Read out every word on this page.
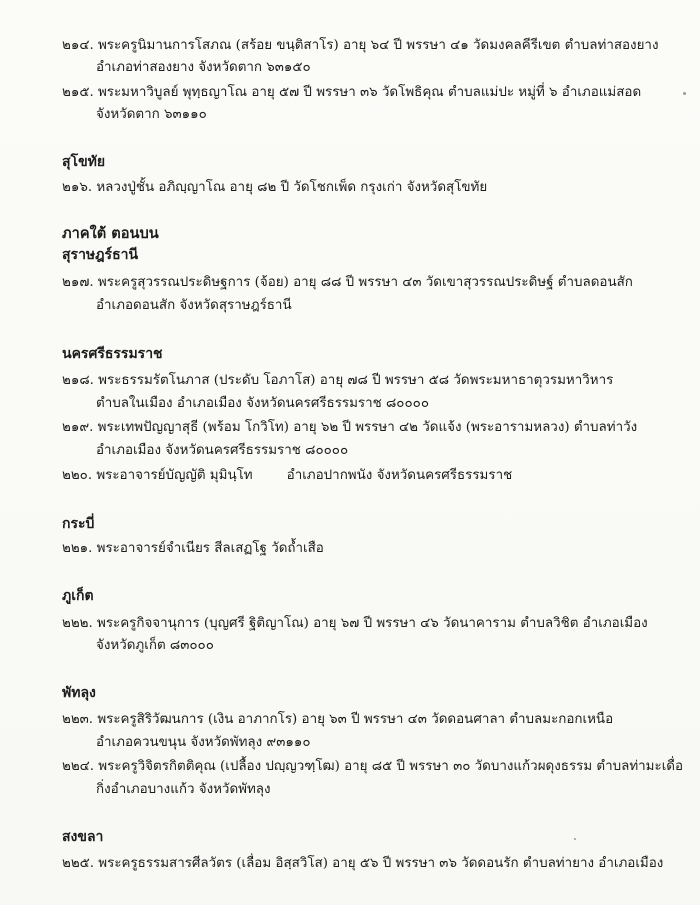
๒๑๔. พระครูนิมานการโสภณ (สร้อย ขนฺติสาโร) อายุ ๖๔ ปี พรรษา ๔๑ วัดมงคลคีรีเขต ตำบลท่าสองยาง
อำเภอท่าสองยาง จังหวัดตาก ๖๓๑๕๐
๒๑๕. พระมหาวิบูลย์ พุทฺธญาโณ อายุ ๕๗ ปี พรรษา ๓๖ วัดโพธิคุณ ตำบลแม่ปะ หมู่ที่ ๖ อำเภอแม่สอด
จังหวัดตาก ๖๓๑๑๐
สุโขทัย
๒๑๖. หลวงปู่ชั้น อภิญฺญาโณ อายุ ๘๒ ปี วัดโชกเพ็ด กรุงเก่า จังหวัดสุโขทัย
ภาคใต้ ตอนบน
สุราษฎร์ธานี
๒๑๗. พระครูสุวรรณประดิษฐการ (จ้อย) อายุ ๘๘ ปี พรรษา ๔๓ วัดเขาสุวรรณประดิษฐ์ ตำบลดอนสัก
อำเภอดอนสัก จังหวัดสุราษฎร์ธานี
นครศรีธรรมราช
๒๑๘. พระธรรมรัตโนภาส (ประดับ โอภาโส) อายุ ๗๘ ปี พรรษา ๕๘ วัดพระมหาธาตุวรมหาวิหาร
ตำบลในเมือง อำเภอเมือง จังหวัดนครศรีธรรมราช ๘๐๐๐๐
๒๑๙. พระเทพปัญญาสุธี (พร้อม โกวิโท) อายุ ๖๒ ปี พรรษา ๔๒ วัดแจ้ง (พระอารามหลวง) ตำบลท่าวัง
อำเภอเมือง จังหวัดนครศรีธรรมราช ๘๐๐๐๐
๒๒๐. พระอาจารย์บัญญัติ มุมินฺโท        อำเภอปากพนัง จังหวัดนครศรีธรรมราช
กระบี่
๒๒๑. พระอาจารย์จำเนียร สีลเสฏโฐ วัดถ้ำเสือ
ภูเก็ต
๒๒๒. พระครูกิจจานุการ (บุญศรี ฐิติญาโณ) อายุ ๖๗ ปี พรรษา ๔๖ วัดนาคาราม ตำบลวิชิต อำเภอเมือง
จังหวัดภูเก็ต ๘๓๐๐๐
พัทลุง
๒๒๓. พระครูสิริวัฒนการ (เงิน อาภากโร) อายุ ๖๓ ปี พรรษา ๔๓ วัดดอนศาลา ตำบลมะกอกเหนือ
อำเภอควนขนุน จังหวัดพัทลุง ๙๓๑๑๐
๒๒๔. พระครูวิจิตรกิตติคุณ (เปลื้อง ปญฺญวฑฺโฒ) อายุ ๘๕ ปี พรรษา ๓๐ วัดบางแก้วผดุงธรรม ตำบลท่ามะเดื่อ
กิ่งอำเภอบางแก้ว จังหวัดพัทลุง
สงขลา
๒๒๕. พระครูธรรมสารศีลวัตร (เลื่อม อิสฺสวิโส) อายุ ๕๖ ปี พรรษา ๓๖ วัดดอนรัก ตำบลท่ายาง อำเภอเมือง
